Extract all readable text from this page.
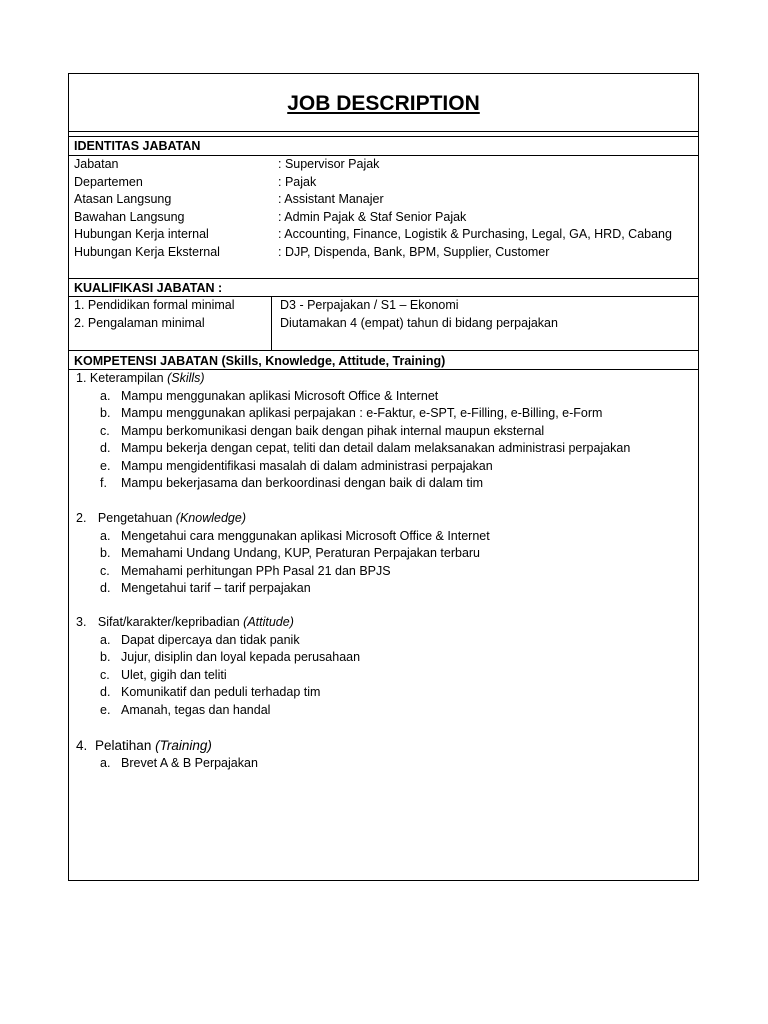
JOB DESCRIPTION
IDENTITAS JABATAN
Jabatan	: Supervisor Pajak
Departemen	: Pajak
Atasan Langsung	: Assistant Manajer
Bawahan Langsung	: Admin Pajak & Staf Senior Pajak
Hubungan Kerja internal	: Accounting, Finance, Logistik & Purchasing, Legal, GA, HRD, Cabang
Hubungan Kerja Eksternal	: DJP, Dispenda, Bank, BPM, Supplier, Customer
KUALIFIKASI JABATAN :
1. Pendidikan formal minimal	D3 - Perpajakan / S1 – Ekonomi
2. Pengalaman minimal	Diutamakan 4 (empat) tahun di bidang perpajakan
KOMPETENSI JABATAN (Skills, Knowledge, Attitude, Training)
1. Keterampilan (Skills)
a. Mampu menggunakan aplikasi Microsoft Office & Internet
b. Mampu menggunakan aplikasi perpajakan : e-Faktur, e-SPT, e-Filling, e-Billing, e-Form
c. Mampu berkomunikasi dengan baik dengan pihak internal maupun eksternal
d. Mampu bekerja dengan cepat, teliti dan detail dalam melaksanakan administrasi perpajakan
e. Mampu mengidentifikasi masalah di dalam administrasi perpajakan
f.	Mampu bekerjasama dan berkoordinasi dengan baik di dalam tim
2. Pengetahuan (Knowledge)
a. Mengetahui cara menggunakan aplikasi Microsoft Office & Internet
b. Memahami Undang Undang, KUP, Peraturan Perpajakan terbaru
c. Memahami perhitungan PPh Pasal 21 dan BPJS
d. Mengetahui tarif – tarif perpajakan
3. Sifat/karakter/kepribadian (Attitude)
a. Dapat dipercaya dan tidak panik
b. Jujur, disiplin dan loyal kepada perusahaan
c. Ulet, gigih dan teliti
d. Komunikatif dan peduli terhadap tim
e. Amanah, tegas dan handal
4. Pelatihan (Training)
a. Brevet A & B Perpajakan
